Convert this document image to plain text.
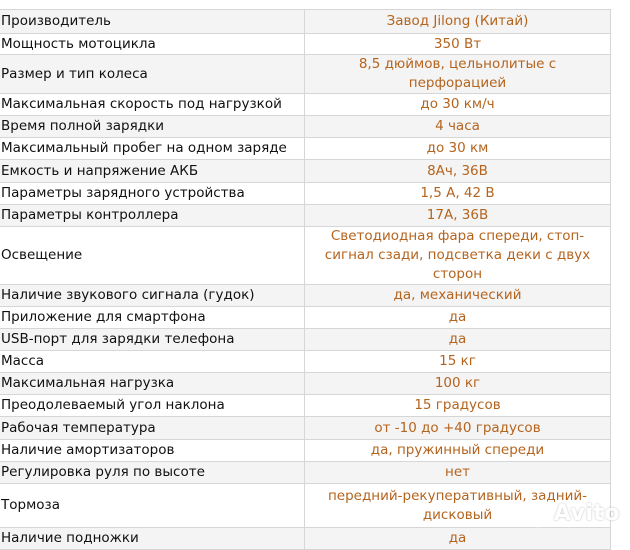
Производитель	Завод Jilong (Китай)
Мощность мотоцикла	350 Вт
Размер и тип колеса	8,5 дюймов, цельнолитые с перфорацией
Максимальная скорость под нагрузкой	до 30 км/ч
Время полной зарядки	4 часа
Максимальный пробег на одном заряде	до 30 км
Емкость и напряжение АКБ	8Ач, 36В
Параметры зарядного устройства	1,5 А, 42 В
Параметры контроллера	17А, 36В
Освещение	Светодиодная фара спереди, стоп-сигнал сзади, подсветка деки с двух сторон
Наличие звукового сигнала (гудок)	да, механический
Приложение для смартфона	да
USB-порт для зарядки телефона	да
Масса	15 кг
Максимальная нагрузка	100 кг
Преодолеваемый угол наклона	15 градусов
Рабочая температура	от -10 до +40 градусов
Наличие амортизаторов	да, пружинный спереди
Регулировка руля по высоте	нет
Тормоза	передний-рекуперативный, задний-дисковый
Наличие подножки	да
Avito
